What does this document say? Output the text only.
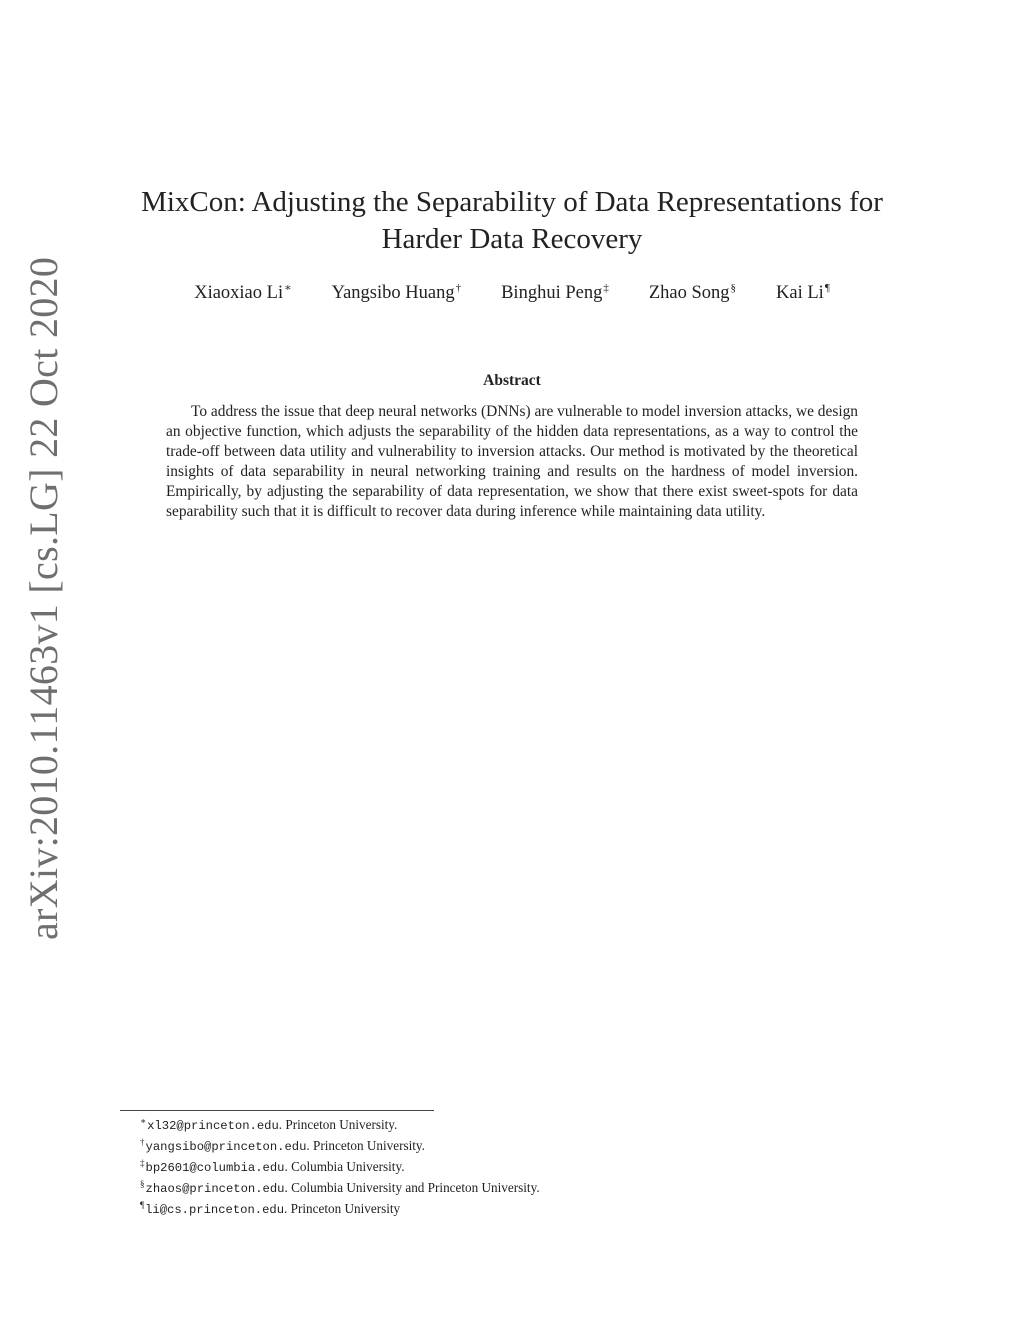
arXiv:2010.11463v1 [cs.LG] 22 Oct 2020
MixCon: Adjusting the Separability of Data Representations for
Harder Data Recovery
Xiaoxiao Li∗ Yangsibo Huang† Binghui Peng‡ Zhao Song§ Kai Li¶
Abstract
To address the issue that deep neural networks (DNNs) are vulnerable to model inversion attacks, we design an objective function, which adjusts the separability of the hidden data representations, as a way to control the trade-off between data utility and vulnerability to inversion attacks. Our method is motivated by the theoretical insights of data separability in neural networking training and results on the hardness of model inversion. Empirically, by adjusting the separability of data representation, we show that there exist sweet-spots for data separability such that it is difficult to recover data during inference while maintaining data utility.
∗xl32@princeton.edu. Princeton University.
†yangsibo@princeton.edu. Princeton University.
‡bp2601@columbia.edu. Columbia University.
§zhaos@princeton.edu. Columbia University and Princeton University.
¶li@cs.princeton.edu. Princeton University
